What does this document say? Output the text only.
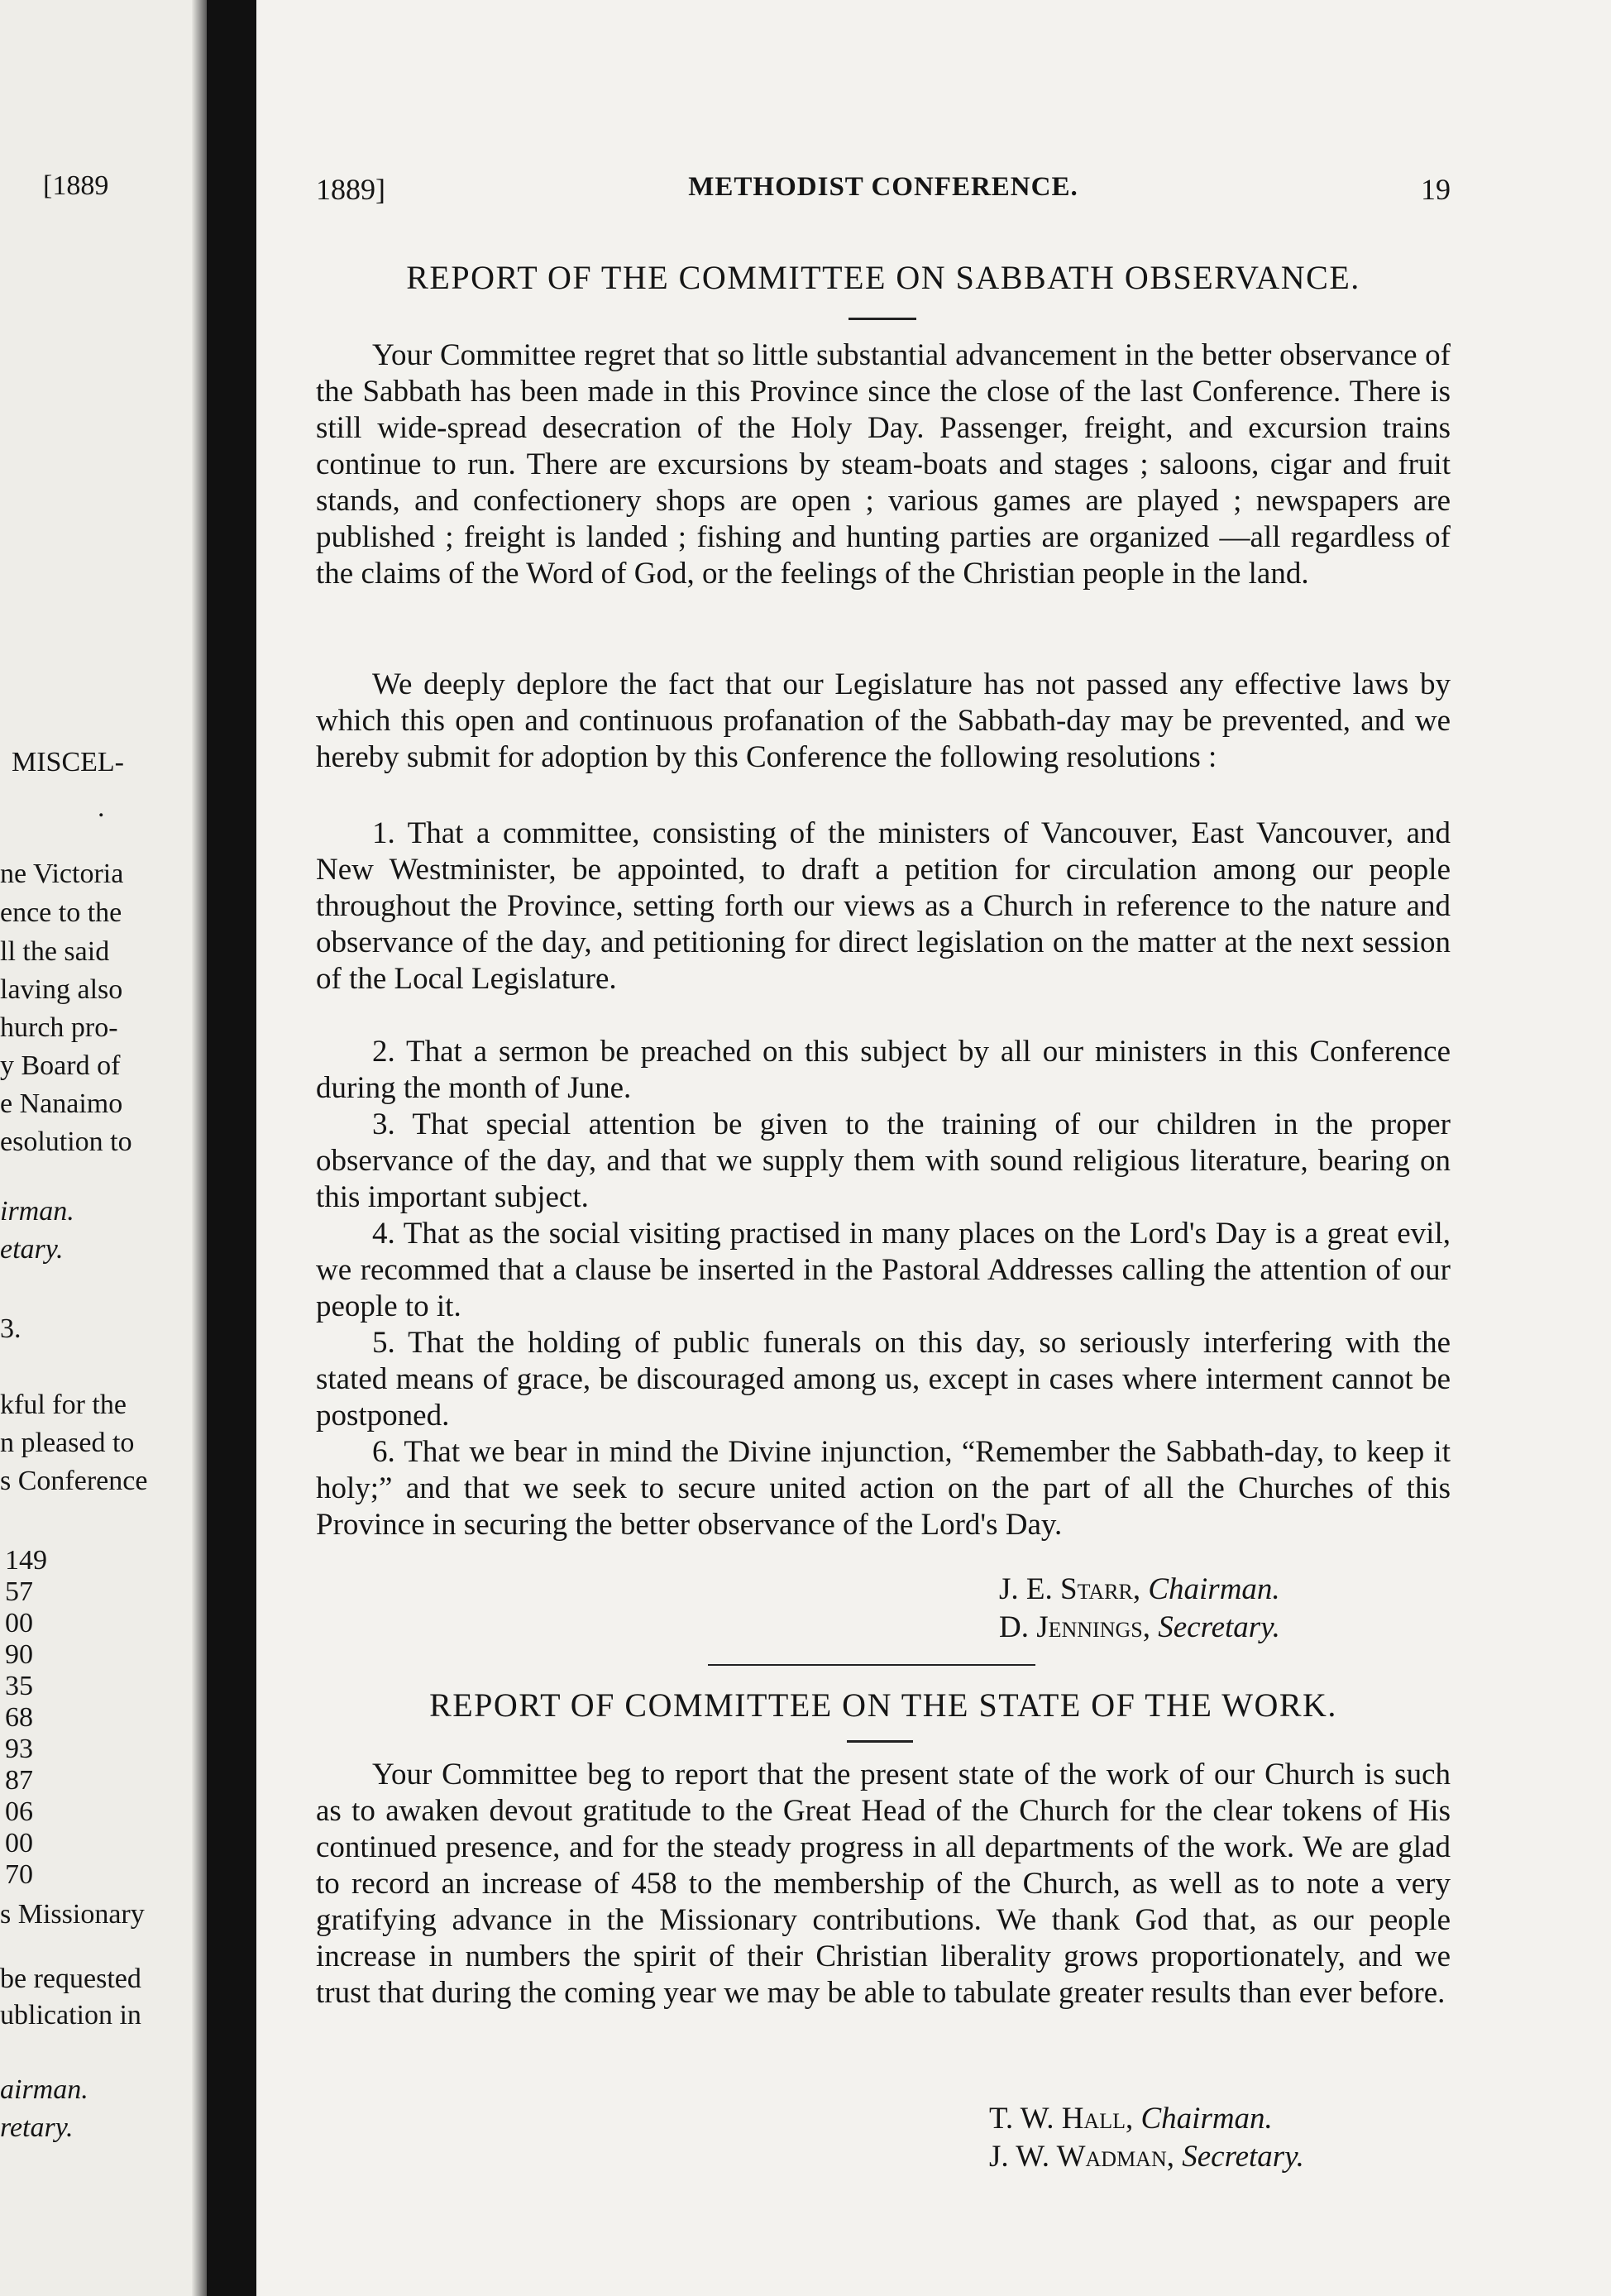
[1889
MISCEL-
.
ne Victoria
ence to the
ll the said
laving also
hurch pro-
y Board of
e Nanaimo
esolution to
irman.
etary.
3.
kful for the
n pleased to
s Conference
149
57
00
90
35
68
93
87
06
00
70
s Missionary
be requested
ublication in
airman.
retary.
1889]	METHODIST CONFERENCE.	19
REPORT OF THE COMMITTEE ON SABBATH OBSERVANCE.

Your Committee regret that so little substantial advancement in the better observance of the Sabbath has been made in this Province since the close of the last Conference. There is still wide-spread desecration of the Holy Day. Passenger, freight, and excursion trains continue to run. There are excursions by steam-boats and stages ; saloons, cigar and fruit stands, and confectionery shops are open ; various games are played ; newspapers are published ; freight is landed ; fishing and hunting parties are organized —all regardless of the claims of the Word of God, or the feelings of the Christian people in the land.

We deeply deplore the fact that our Legislature has not passed any effective laws by which this open and continuous profanation of the Sabbath-day may be prevented, and we hereby submit for adoption by this Conference the following resolutions :

1. That a committee, consisting of the ministers of Vancouver, East Vancouver, and New Westminister, be appointed, to draft a petition for circulation among our people throughout the Province, setting forth our views as a Church in reference to the nature and observance of the day, and petitioning for direct legislation on the matter at the next session of the Local Legislature.

2. That a sermon be preached on this subject by all our ministers in this Conference during the month of June.

3. That special attention be given to the training of our children in the proper observance of the day, and that we supply them with sound religious literature, bearing on this important subject.

4. That as the social visiting practised in many places on the Lord's Day is a great evil, we recommed that a clause be inserted in the Pastoral Addresses calling the attention of our people to it.

5. That the holding of public funerals on this day, so seriously interfering with the stated means of grace, be discouraged among us, except in cases where interment cannot be postponed.

6. That we bear in mind the Divine injunction, “Remember the Sabbath-day, to keep it holy;” and that we seek to secure united action on the part of all the Churches of this Province in securing the better observance of the Lord's Day.

J. E. Starr, Chairman.
D. Jennings, Secretary.
REPORT OF COMMITTEE ON THE STATE OF THE WORK.

Your Committee beg to report that the present state of the work of our Church is such as to awaken devout gratitude to the Great Head of the Church for the clear tokens of His continued presence, and for the steady progress in all departments of the work. We are glad to record an increase of 458 to the membership of the Church, as well as to note a very gratifying advance in the Missionary contributions. We thank God that, as our people increase in numbers the spirit of their Christian liberality grows proportionately, and we trust that during the coming year we may be able to tabulate greater results than ever before.

T. W. Hall, Chairman.
J. W. Wadman, Secretary.
